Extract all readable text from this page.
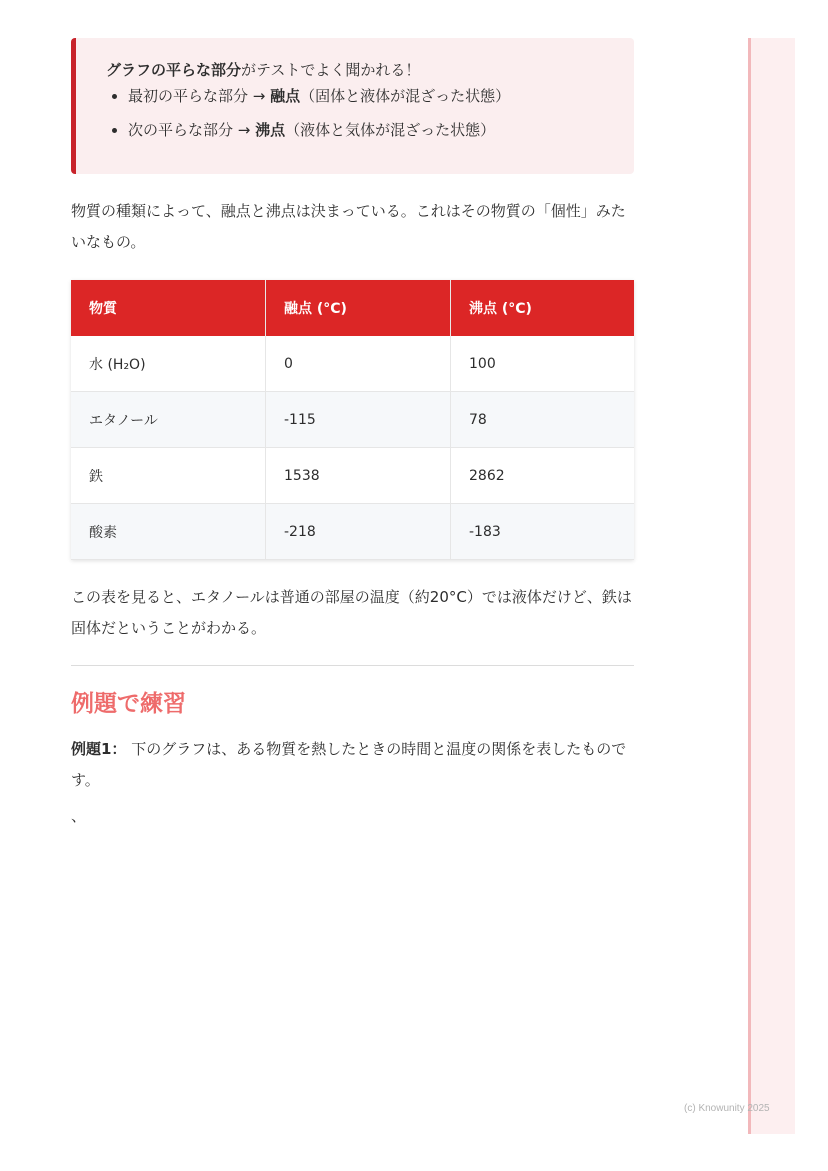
グラフの平らな部分がテストでよく聞かれる！
• 最初の平らな部分 → 融点（固体と液体が混ざった状態）
• 次の平らな部分 → 沸点（液体と気体が混ざった状態）

物質の種類によって、融点と沸点は決まっている。これはその物質の「個性」みたいなもの。

物質	融点 (°C)	沸点 (°C)
水 (H₂O)	0	100
エタノール	-115	78
鉄	1538	2862
酸素	-218	-183

この表を見ると、エタノールは普通の部屋の温度（約20°C）では液体だけど、鉄は固体だということがわかる。

例題で練習

例題1： 下のグラフは、ある物質を熱したときの時間と温度の関係を表したものです。

、
(c) Knowunity 2025
